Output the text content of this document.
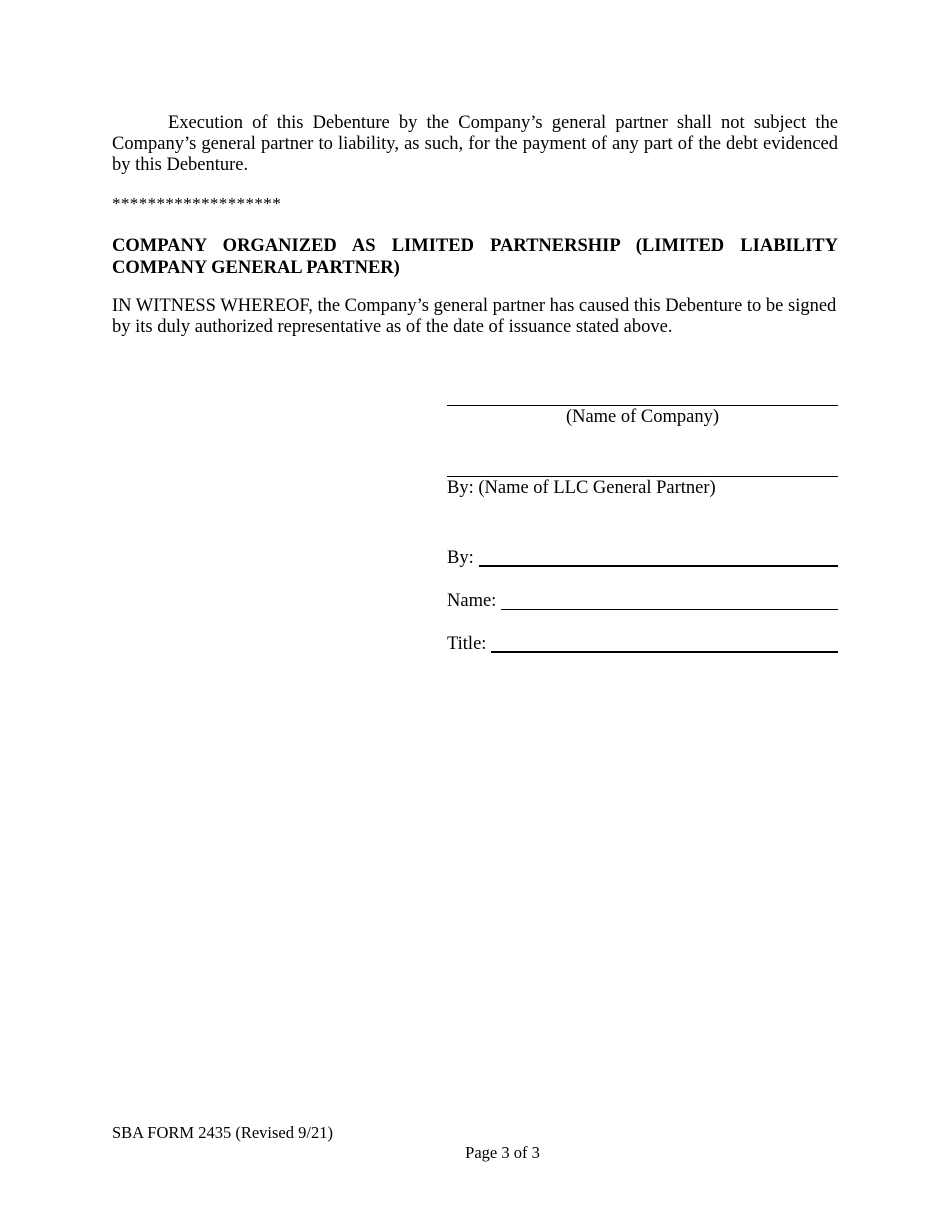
Execution of this Debenture by the Company’s general partner shall not subject the Company’s general partner to liability, as such, for the payment of any part of the debt evidenced by this Debenture.

*******************

COMPANY ORGANIZED AS LIMITED PARTNERSHIP (LIMITED LIABILITY
COMPANY GENERAL PARTNER)

IN WITNESS WHEREOF, the Company’s general partner has caused this Debenture to be signed by its duly authorized representative as of the date of issuance stated above.

(Name of Company)

By: (Name of LLC General Partner)

By:
Name:
Title:

SBA FORM 2435 (Revised 9/21)

Page 3 of 3
